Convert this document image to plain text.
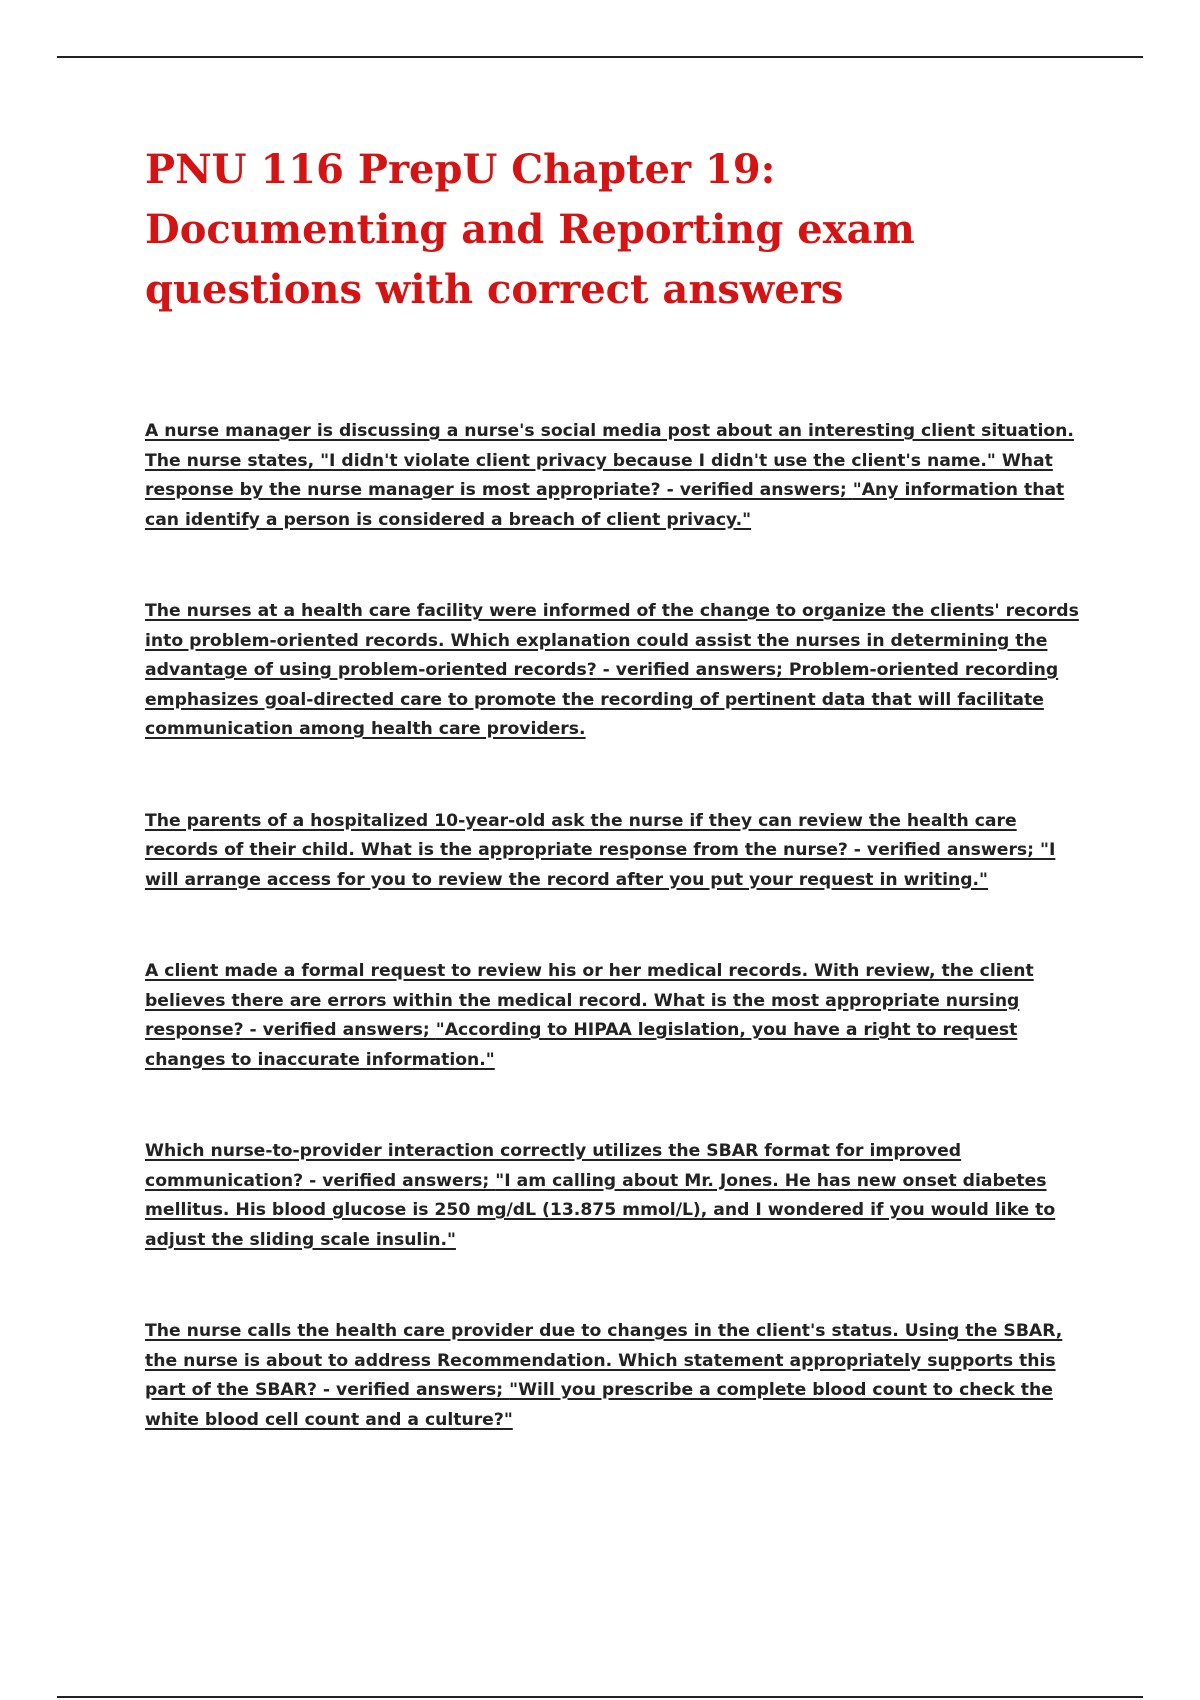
PNU 116 PrepU Chapter 19: Documenting and Reporting exam questions with correct answers

A nurse manager is discussing a nurse's social media post about an interesting client situation. The nurse states, "I didn't violate client privacy because I didn't use the client's name." What response by the nurse manager is most appropriate? - verified answers; "Any information that can identify a person is considered a breach of client privacy."

The nurses at a health care facility were informed of the change to organize the clients' records into problem-oriented records. Which explanation could assist the nurses in determining the advantage of using problem-oriented records? - verified answers; Problem-oriented recording emphasizes goal-directed care to promote the recording of pertinent data that will facilitate communication among health care providers.

The parents of a hospitalized 10-year-old ask the nurse if they can review the health care records of their child. What is the appropriate response from the nurse? - verified answers; "I will arrange access for you to review the record after you put your request in writing."

A client made a formal request to review his or her medical records. With review, the client believes there are errors within the medical record. What is the most appropriate nursing response? - verified answers; "According to HIPAA legislation, you have a right to request changes to inaccurate information."

Which nurse-to-provider interaction correctly utilizes the SBAR format for improved communication? - verified answers; "I am calling about Mr. Jones. He has new onset diabetes mellitus. His blood glucose is 250 mg/dL (13.875 mmol/L), and I wondered if you would like to adjust the sliding scale insulin."

The nurse calls the health care provider due to changes in the client's status. Using the SBAR, the nurse is about to address Recommendation. Which statement appropriately supports this part of the SBAR? - verified answers; "Will you prescribe a complete blood count to check the white blood cell count and a culture?"
